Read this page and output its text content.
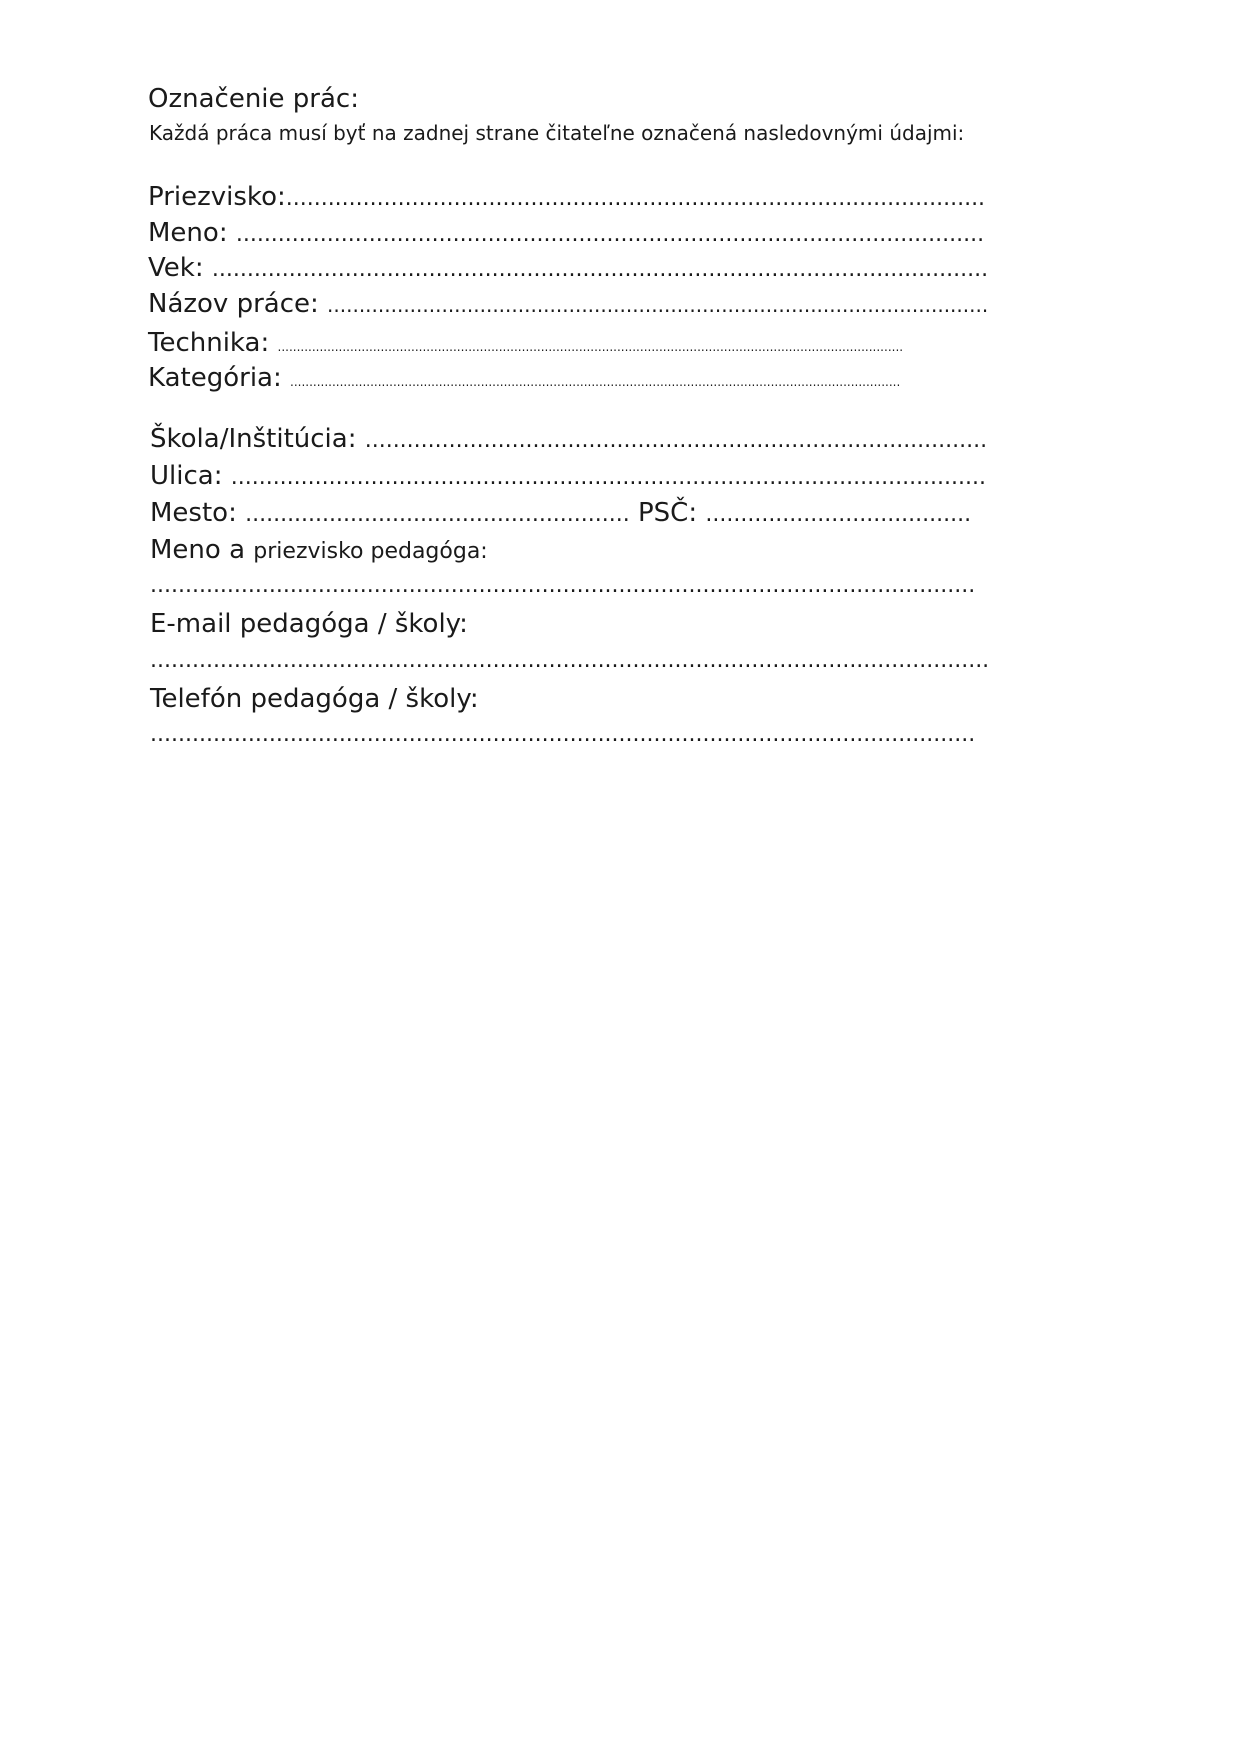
Označenie prác:
Každá práca musí byť na zadnej strane čitateľne označená nasledovnými údajmi:
Priezvisko:....................................................................................................
Meno: ...........................................................................................................
Vek: ...............................................................................................................
Názov práce: ........................................................................................................
Technika: ....................................................................................................................................................................
Kategória: ................................................................................................................................................................
Škola/Inštitúcia: .........................................................................................
Ulica: ............................................................................................................
Mesto: ....................................................... PSČ: ......................................
Meno a priezvisko pedagóga:
......................................................................................................................
E-mail pedagóga / školy:
........................................................................................................................
Telefón pedagóga / školy:
......................................................................................................................
